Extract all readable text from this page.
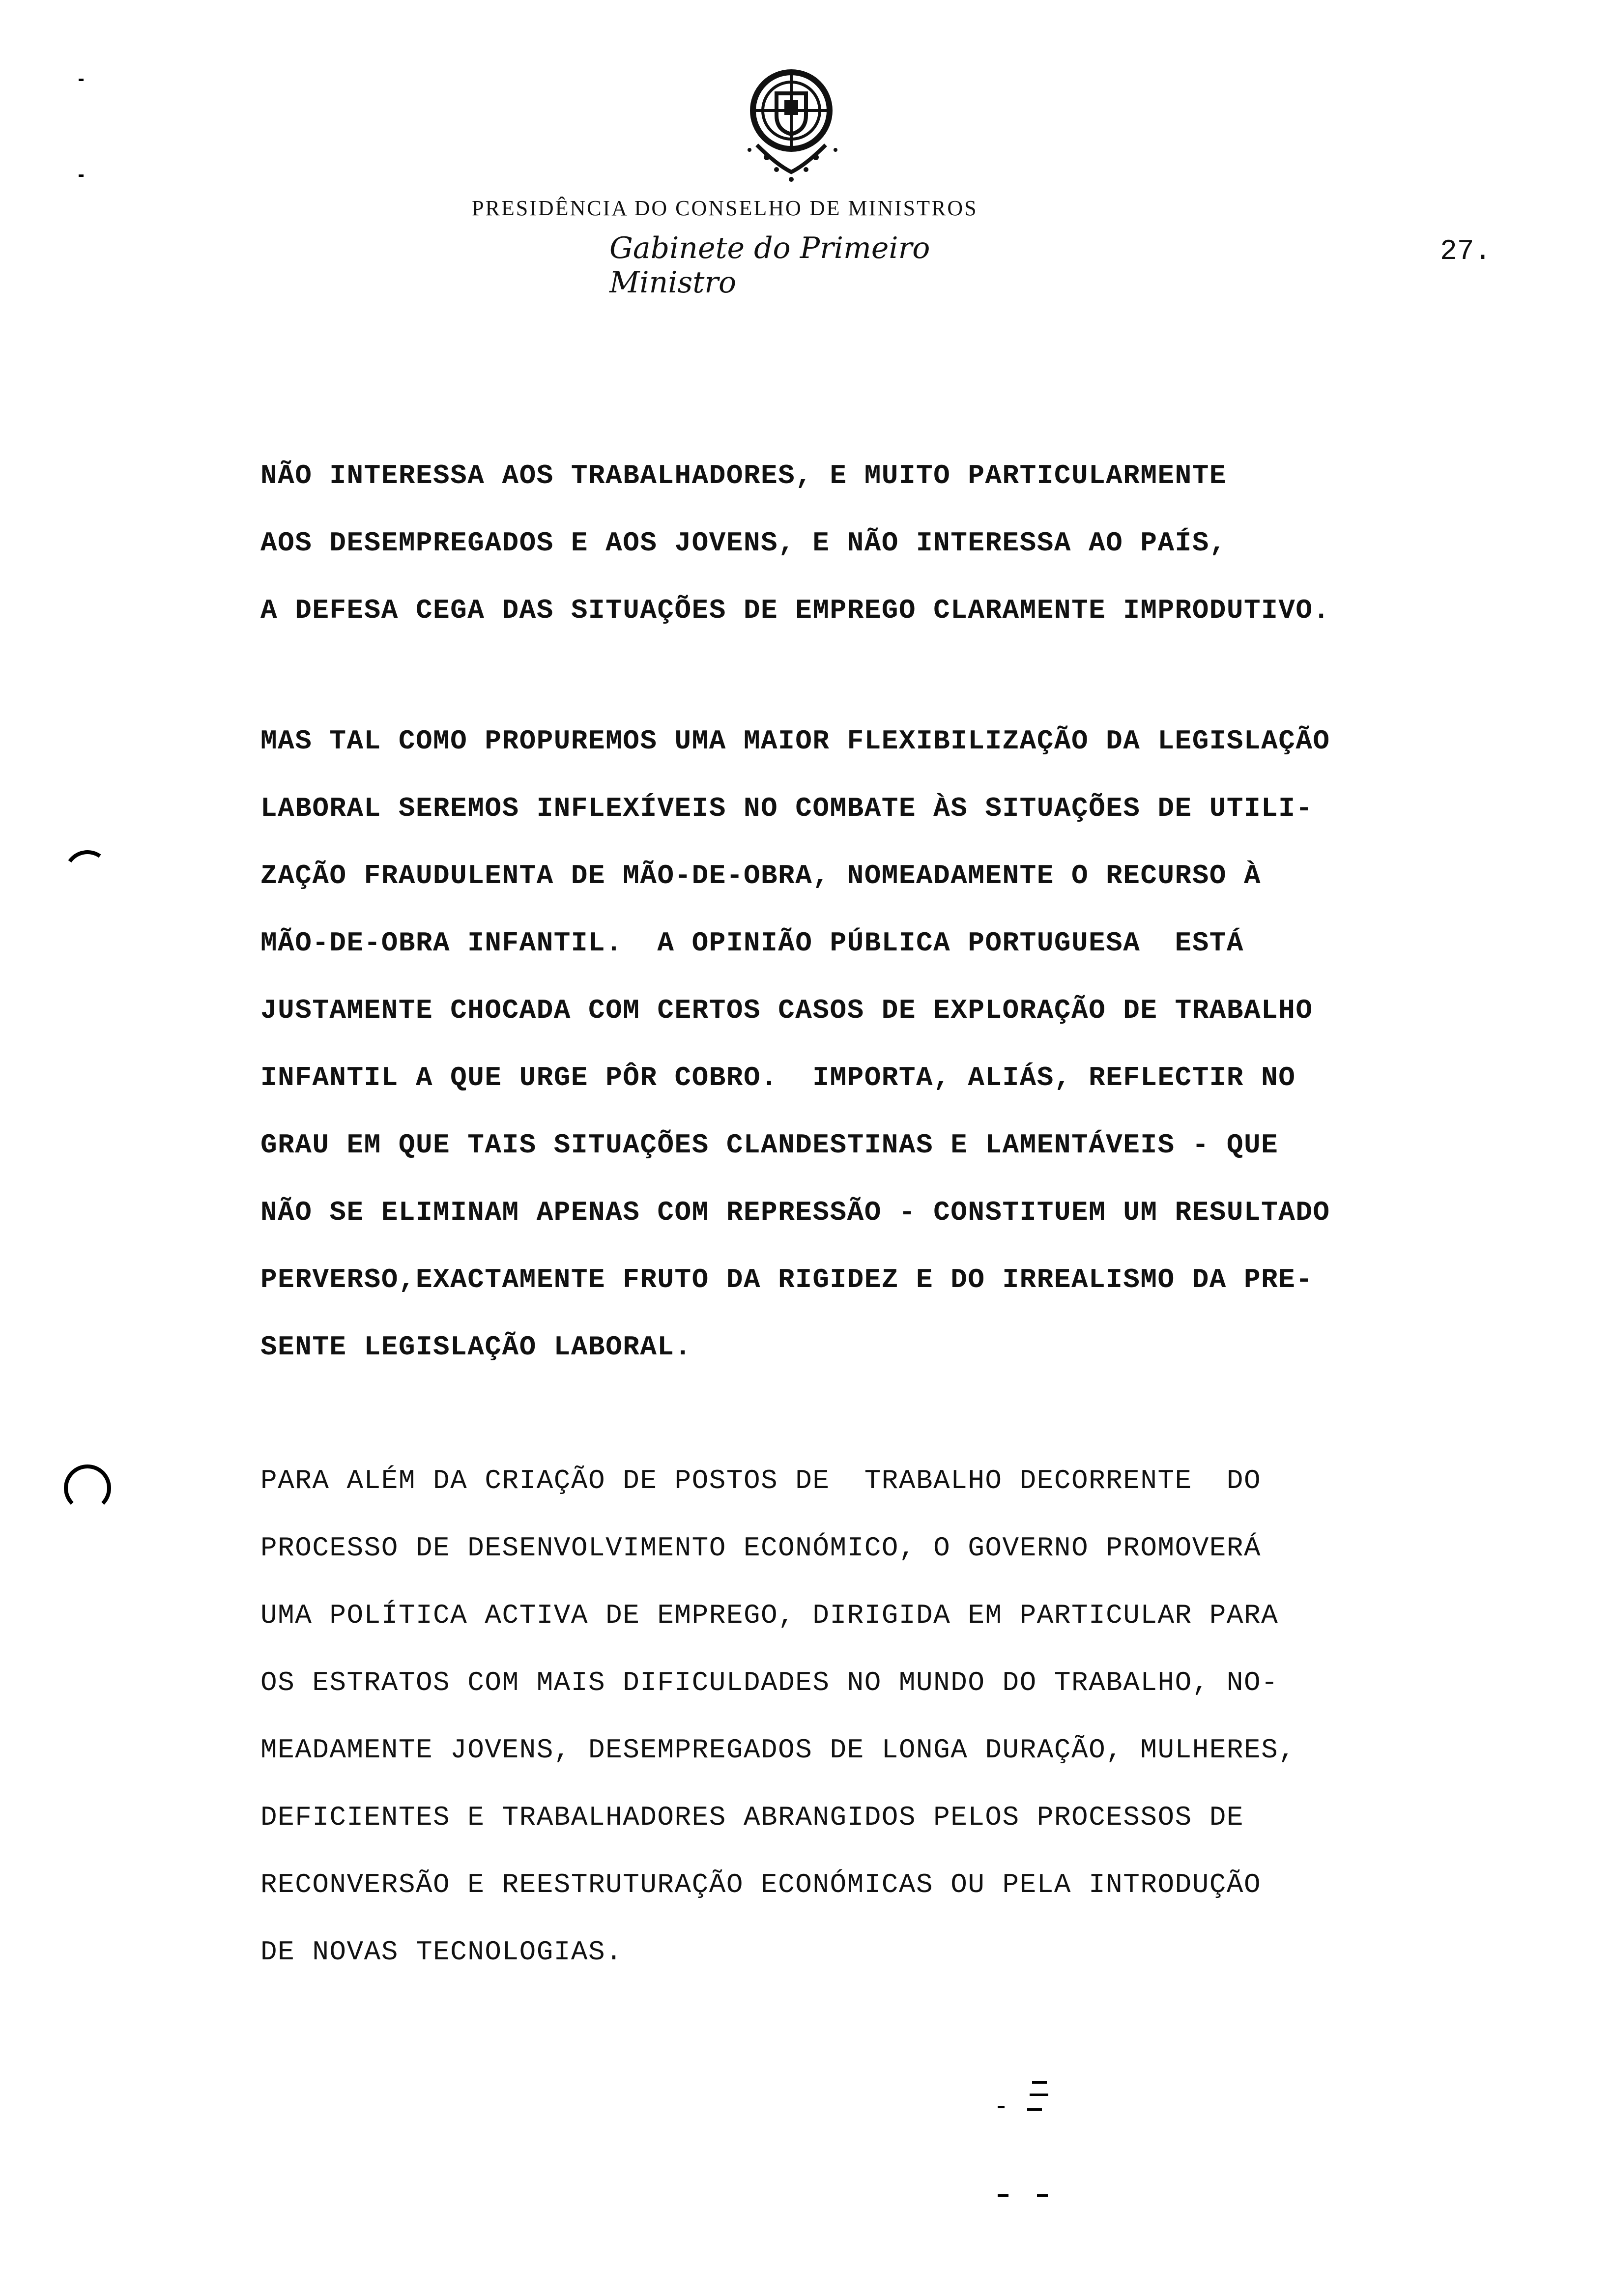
PRESIDÊNCIA DO CONSELHO DE MINISTROS
Gabinete do Primeiro Ministro
27.
NÃO INTERESSA AOS TRABALHADORES, E MUITO PARTICULARMENTE
AOS DESEMPREGADOS E AOS JOVENS, E NÃO INTERESSA AO PAÍS,
A DEFESA CEGA DAS SITUAÇÕES DE EMPREGO CLARAMENTE IMPRODUTIVO.
MAS TAL COMO PROPUREMOS UMA MAIOR FLEXIBILIZAÇÃO DA LEGISLAÇÃO
LABORAL SEREMOS INFLEXÍVEIS NO COMBATE ÀS SITUAÇÕES DE UTILI-
ZAÇÃO FRAUDULENTA DE MÃO-DE-OBRA, NOMEADAMENTE O RECURSO À
MÃO-DE-OBRA INFANTIL.  A OPINIÃO PÚBLICA PORTUGUESA  ESTÁ
JUSTAMENTE CHOCADA COM CERTOS CASOS DE EXPLORAÇÃO DE TRABALHO
INFANTIL A QUE URGE PÔR COBRO.  IMPORTA, ALIÁS, REFLECTIR NO
GRAU EM QUE TAIS SITUAÇÕES CLANDESTINAS E LAMENTÁVEIS - QUE
NÃO SE ELIMINAM APENAS COM REPRESSÃO - CONSTITUEM UM RESULTADO
PERVERSO,EXACTAMENTE FRUTO DA RIGIDEZ E DO IRREALISMO DA PRE-
SENTE LEGISLAÇÃO LABORAL.
PARA ALÉM DA CRIAÇÃO DE POSTOS DE  TRABALHO DECORRENTE  DO
PROCESSO DE DESENVOLVIMENTO ECONÓMICO, O GOVERNO PROMOVERÁ
UMA POLÍTICA ACTIVA DE EMPREGO, DIRIGIDA EM PARTICULAR PARA
OS ESTRATOS COM MAIS DIFICULDADES NO MUNDO DO TRABALHO, NO-
MEADAMENTE JOVENS, DESEMPREGADOS DE LONGA DURAÇÃO, MULHERES,
DEFICIENTES E TRABALHADORES ABRANGIDOS PELOS PROCESSOS DE
RECONVERSÃO E REESTRUTURAÇÃO ECONÓMICAS OU PELA INTRODUÇÃO
DE NOVAS TECNOLOGIAS.
